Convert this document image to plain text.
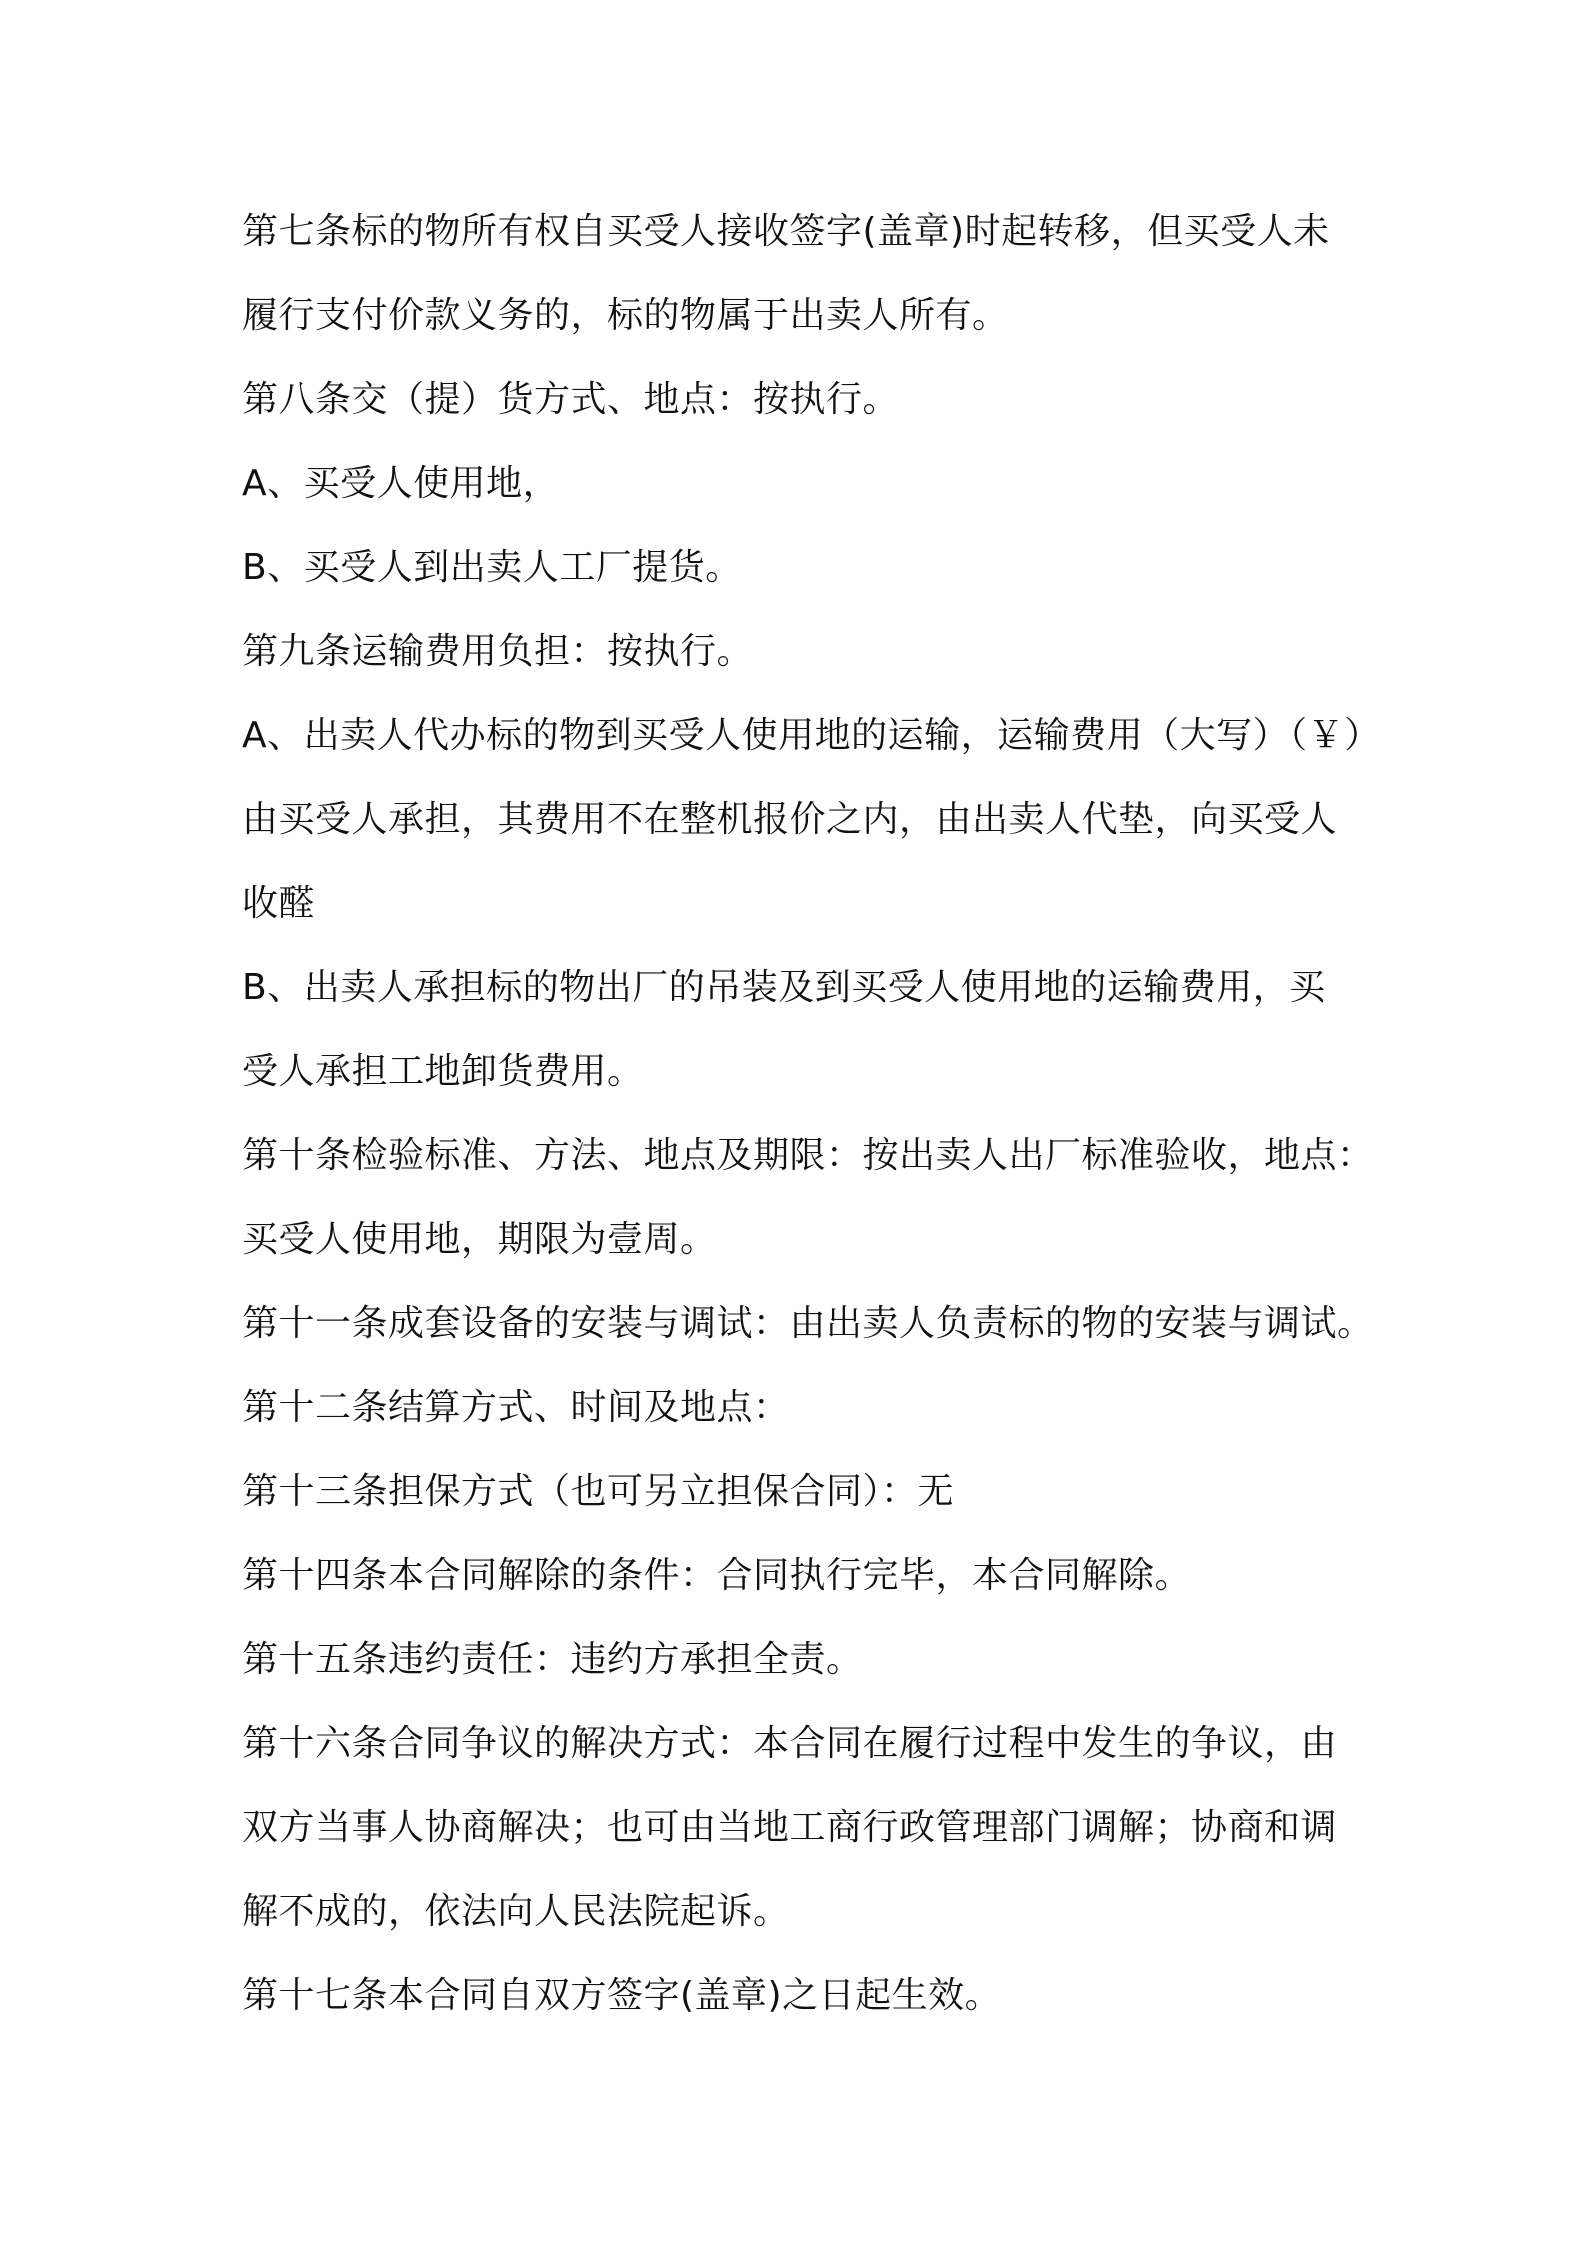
第七条标的物所有权自买受人接收签字(盖章)时起转移，但买受人未
履行支付价款义务的，标的物属于出卖人所有。
第八条交（提）货方式、地点：按执行。
A、买受人使用地，
B、买受人到出卖人工厂提货。
第九条运输费用负担：按执行。
A、出卖人代办标的物到买受人使用地的运输，运输费用（大写）（￥）
由买受人承担，其费用不在整机报价之内，由出卖人代垫，向买受人
收醛
B、出卖人承担标的物出厂的吊装及到买受人使用地的运输费用，买
受人承担工地卸货费用。
第十条检验标准、方法、地点及期限：按出卖人出厂标准验收，地点：
买受人使用地，期限为壹周。
第十一条成套设备的安装与调试：由出卖人负责标的物的安装与调试。
第十二条结算方式、时间及地点：
第十三条担保方式（也可另立担保合同）：无
第十四条本合同解除的条件：合同执行完毕，本合同解除。
第十五条违约责任：违约方承担全责。
第十六条合同争议的解决方式：本合同在履行过程中发生的争议，由
双方当事人协商解决；也可由当地工商行政管理部门调解；协商和调
解不成的，依法向人民法院起诉。
第十七条本合同自双方签字(盖章)之日起生效。
